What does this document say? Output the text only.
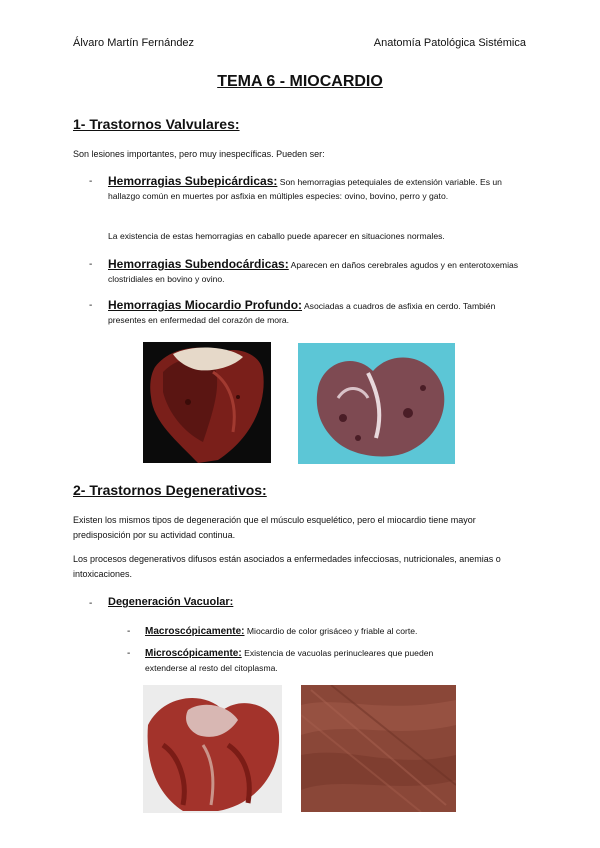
Álvaro Martín Fernández	Anatomía Patológica Sistémica
TEMA 6 - MIOCARDIO
1- Trastornos Valvulares:
Son lesiones importantes, pero muy inespecíficas. Pueden ser:
- Hemorragias Subepicárdicas: Son hemorragias petequiales de extensión variable. Es un hallazgo común en muertes por asfixia en múltiples especies: ovino, bovino, perro y gato.
La existencia de estas hemorragias en caballo puede aparecer en situaciones normales.
- Hemorragias Subendocárdicas: Aparecen en daños cerebrales agudos y en enterotoxemias clostridiales en bovino y ovino.
- Hemorragias Miocardio Profundo: Asociadas a cuadros de asfixia en cerdo. También presentes en enfermedad del corazón de mora.
2- Trastornos Degenerativos:
Existen los mismos tipos de degeneración que el músculo esquelético, pero el miocardio tiene mayor predisposición por su actividad continua.
Los procesos degenerativos difusos están asociados a enfermedades infecciosas, nutricionales, anemias o intoxicaciones.
- Degeneración Vacuolar:
- Macroscópicamente: Miocardio de color grisáceo y friable al corte.
- Microscópicamente: Existencia de vacuolas perinucleares que pueden extenderse al resto del citoplasma.
